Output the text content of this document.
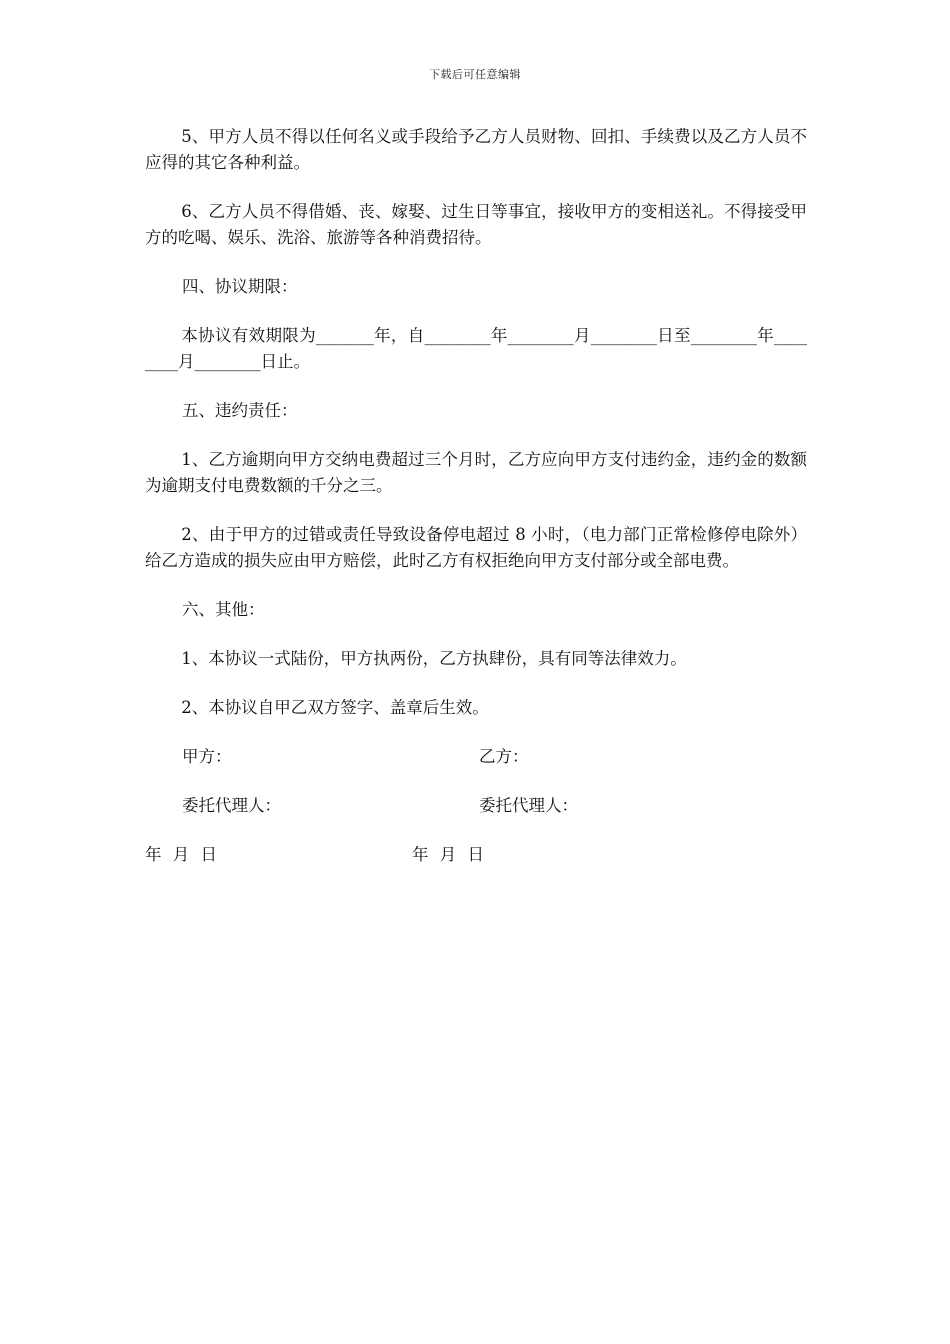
下载后可任意编辑

5、甲方人员不得以任何名义或手段给予乙方人员财物、回扣、手续费以及乙方人员不应得的其它各种利益。

6、乙方人员不得借婚、丧、嫁娶、过生日等事宜，接收甲方的变相送礼。不得接受甲方的吃喝、娱乐、洗浴、旅游等各种消费招待。

四、协议期限：

本协议有效期限为_______年，自________年________月________日至________年________月________日止。

五、违约责任：

1、乙方逾期向甲方交纳电费超过三个月时，乙方应向甲方支付违约金，违约金的数额为逾期支付电费数额的千分之三。

2、由于甲方的过错或责任导致设备停电超过 8 小时，（电力部门正常检修停电除外）给乙方造成的损失应由甲方赔偿，此时乙方有权拒绝向甲方支付部分或全部电费。

六、其他：

1、本协议一式陆份，甲方执两份，乙方执肆份，具有同等法律效力。

2、本协议自甲乙双方签字、盖章后生效。

甲方：	乙方：
委托代理人：	委托代理人：
年 月 日	年 月 日
